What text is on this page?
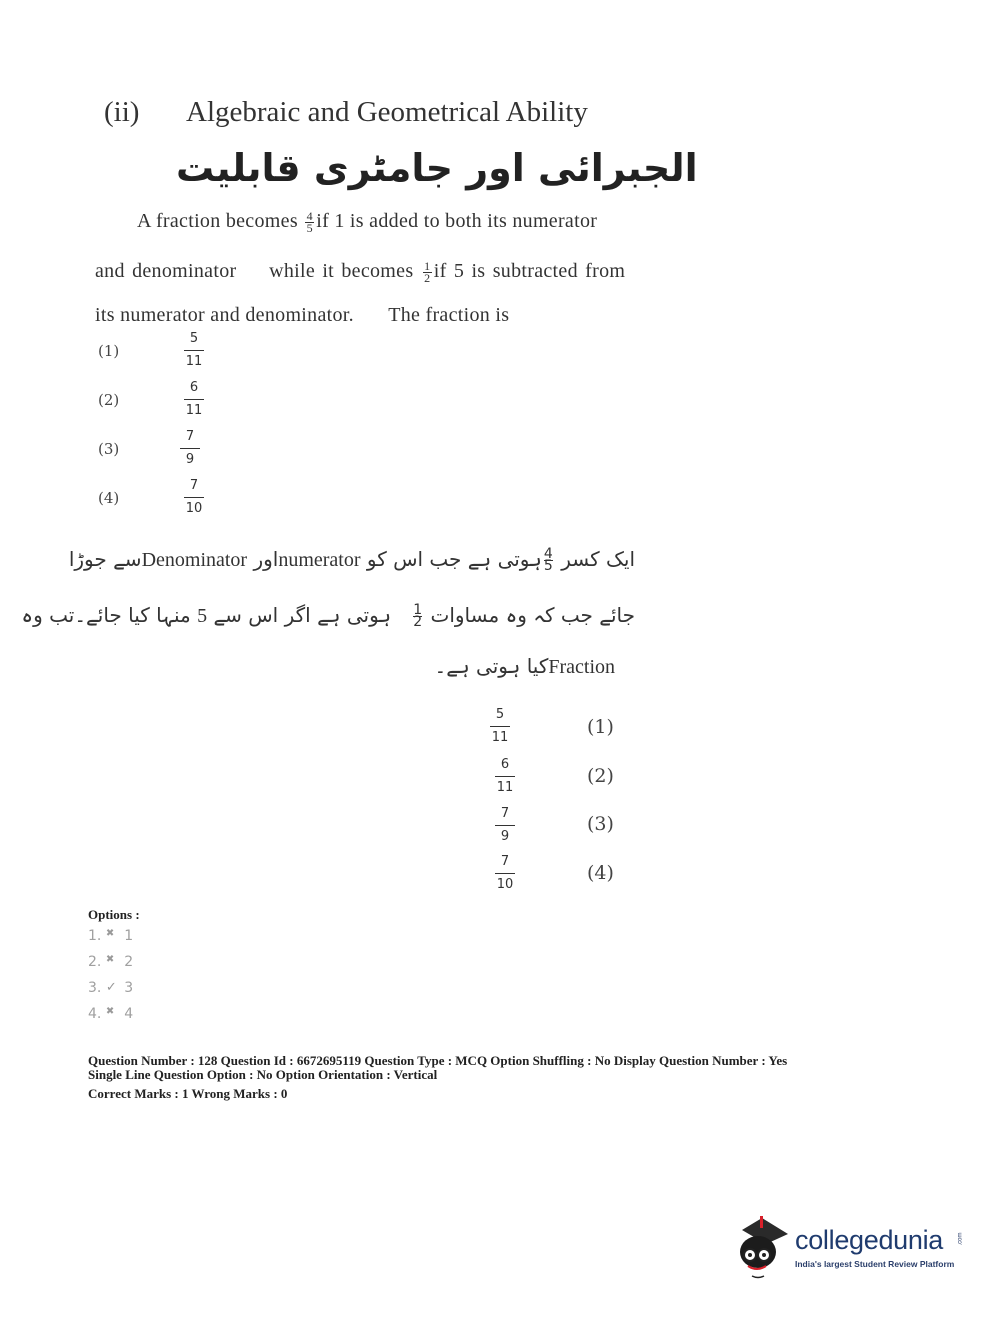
(ii) Algebraic and Geometrical Ability
الجبرائی اور جامٹری قابلیت
A fraction becomes $\frac{4}{5}$ if 1 is added to both its numerator
and denominator while it becomes $\frac{1}{2}$ if 5 is subtracted from
its numerator and denominator. The fraction is
(1)
5
11
(2)
6
11
(3)
7
9
(4)
7
10
ایک کسر
$\frac{4}{5}$
ہوتی ہے جب اس کو numeratorاور Denominatorسے جوڑا
جائے جب کہ وہ مساوات
$\frac{1}{2}$
ہوتی ہے اگر اس سے 5 منہا کیا جائے۔تب وہ
Fractionکیا ہوتی ہے۔
5
11	(1)
6
11
(2)
7
9
(3)
7
10
(4)
Options :
1. ✖ 1
2. ✖ 2
3. ✓ 3
4. ✖ 4
Question Number : 128 Question Id : 6672695119 Question Type : MCQ Option Shuffling : No Display Question Number : Yes
Single Line Question Option : No Option Orientation : Vertical
Correct Marks : 1 Wrong Marks : 0
collegedunia .com
India's largest Student Review Platform
